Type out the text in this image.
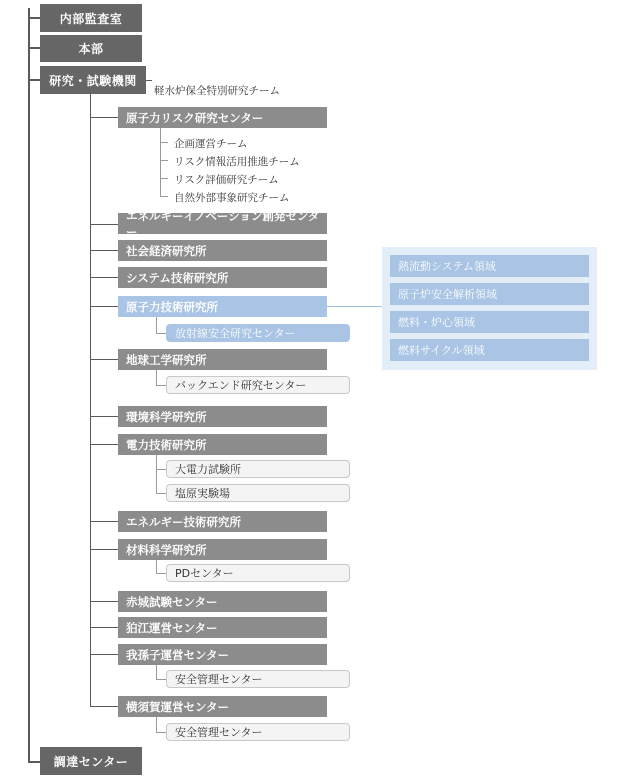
内部監査室
本部
研究・試験機関
調達センター
軽水炉保全特別研究チーム
原子力リスク研究センター
企画運営チーム
リスク情報活用推進チーム
リスク評価研究チーム
自然外部事象研究チーム
エネルギーイノベーション創発センター
社会経済研究所
システム技術研究所
原子力技術研究所
放射線安全研究センター
地球工学研究所
バックエンド研究センター
環境科学研究所
電力技術研究所
大電力試験所
塩原実験場
エネルギー技術研究所
材料科学研究所
PDセンター
赤城試験センター
狛江運営センター
我孫子運営センター
安全管理センター
横須賀運営センター
安全管理センター
熱流動システム領域
原子炉安全解析領域
燃料・炉心領域
燃料サイクル領域
